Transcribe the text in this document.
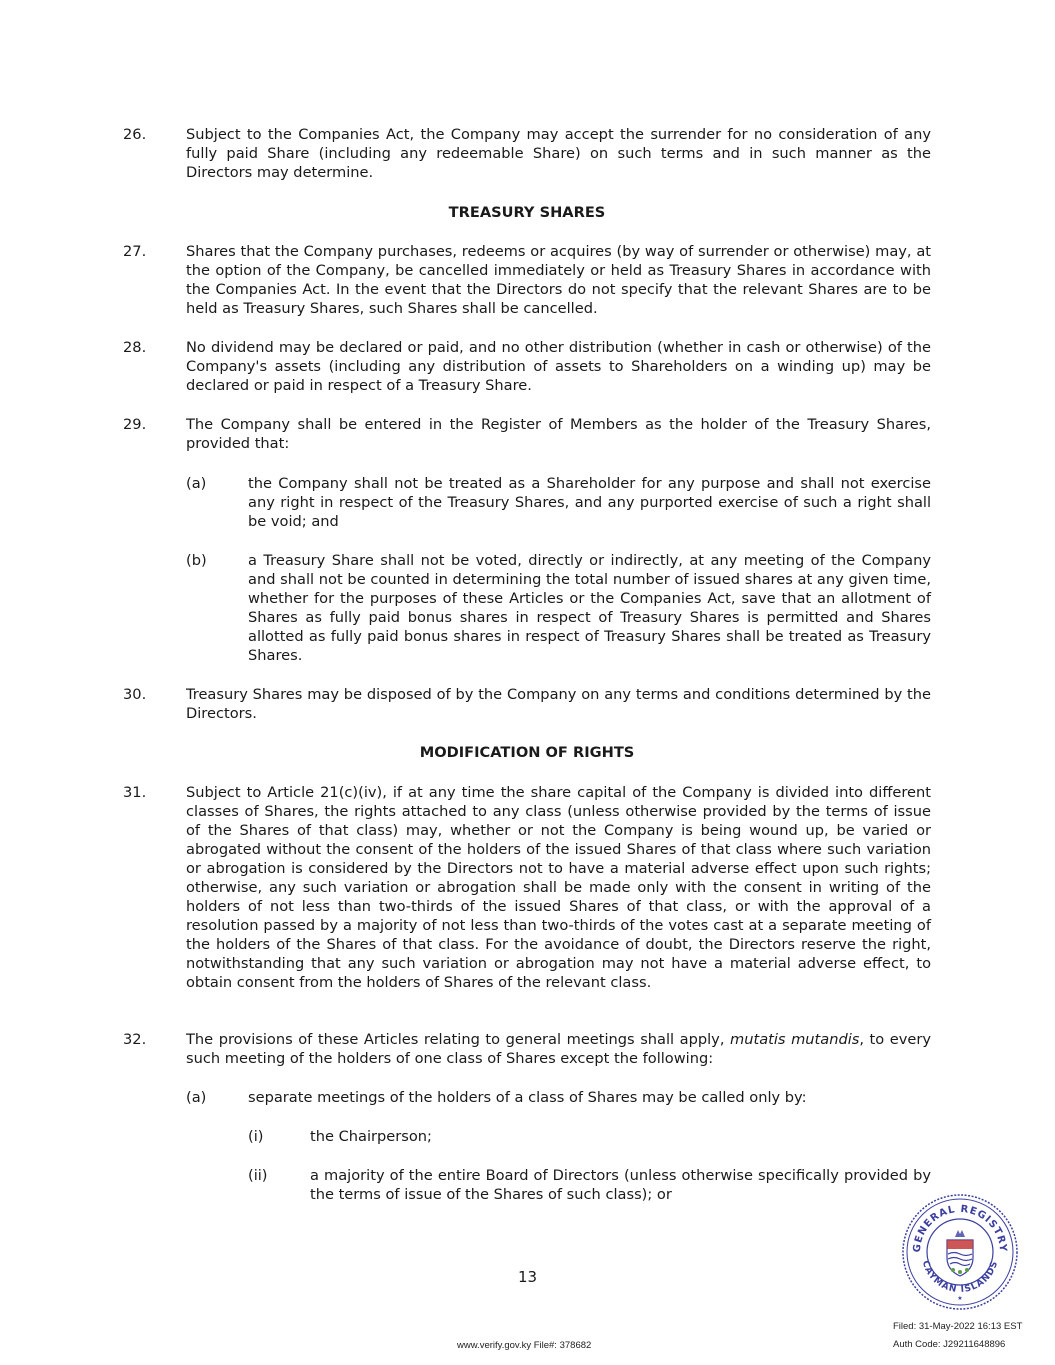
26.	Subject to the Companies Act, the Company may accept the surrender for no consideration of any fully paid Share (including any redeemable Share) on such terms and in such manner as the Directors may determine.
TREASURY SHARES
27.	Shares that the Company purchases, redeems or acquires (by way of surrender or otherwise) may, at the option of the Company, be cancelled immediately or held as Treasury Shares in accordance with the Companies Act. In the event that the Directors do not specify that the relevant Shares are to be held as Treasury Shares, such Shares shall be cancelled.
28.	No dividend may be declared or paid, and no other distribution (whether in cash or otherwise) of the Company's assets (including any distribution of assets to Shareholders on a winding up) may be declared or paid in respect of a Treasury Share.
29.	The Company shall be entered in the Register of Members as the holder of the Treasury Shares, provided that:
(a)	the Company shall not be treated as a Shareholder for any purpose and shall not exercise any right in respect of the Treasury Shares, and any purported exercise of such a right shall be void; and
(b)	a Treasury Share shall not be voted, directly or indirectly, at any meeting of the Company and shall not be counted in determining the total number of issued shares at any given time, whether for the purposes of these Articles or the Companies Act, save that an allotment of Shares as fully paid bonus shares in respect of Treasury Shares is permitted and Shares allotted as fully paid bonus shares in respect of Treasury Shares shall be treated as Treasury Shares.
30.	Treasury Shares may be disposed of by the Company on any terms and conditions determined by the Directors.
MODIFICATION OF RIGHTS
31.	Subject to Article 21(c)(iv), if at any time the share capital of the Company is divided into different classes of Shares, the rights attached to any class (unless otherwise provided by the terms of issue of the Shares of that class) may, whether or not the Company is being wound up, be varied or abrogated without the consent of the holders of the issued Shares of that class where such variation or abrogation is considered by the Directors not to have a material adverse effect upon such rights; otherwise, any such variation or abrogation shall be made only with the consent in writing of the holders of not less than two-thirds of the issued Shares of that class, or with the approval of a resolution passed by a majority of not less than two-thirds of the votes cast at a separate meeting of the holders of the Shares of that class. For the avoidance of doubt, the Directors reserve the right, notwithstanding that any such variation or abrogation may not have a material adverse effect, to obtain consent from the holders of Shares of the relevant class.
32.	The provisions of these Articles relating to general meetings shall apply, mutatis mutandis, to every such meeting of the holders of one class of Shares except the following:
(a)	separate meetings of the holders of a class of Shares may be called only by:
(i)	the Chairperson;
(ii)	a majority of the entire Board of Directors (unless otherwise specifically provided by the terms of issue of the Shares of such class); or
13
GENERAL REGISTRY
CAYMAN ISLANDS
★
Filed: 31-May-2022 16:13 EST
Auth Code: J29211648896
www.verify.gov.ky File#: 378682
